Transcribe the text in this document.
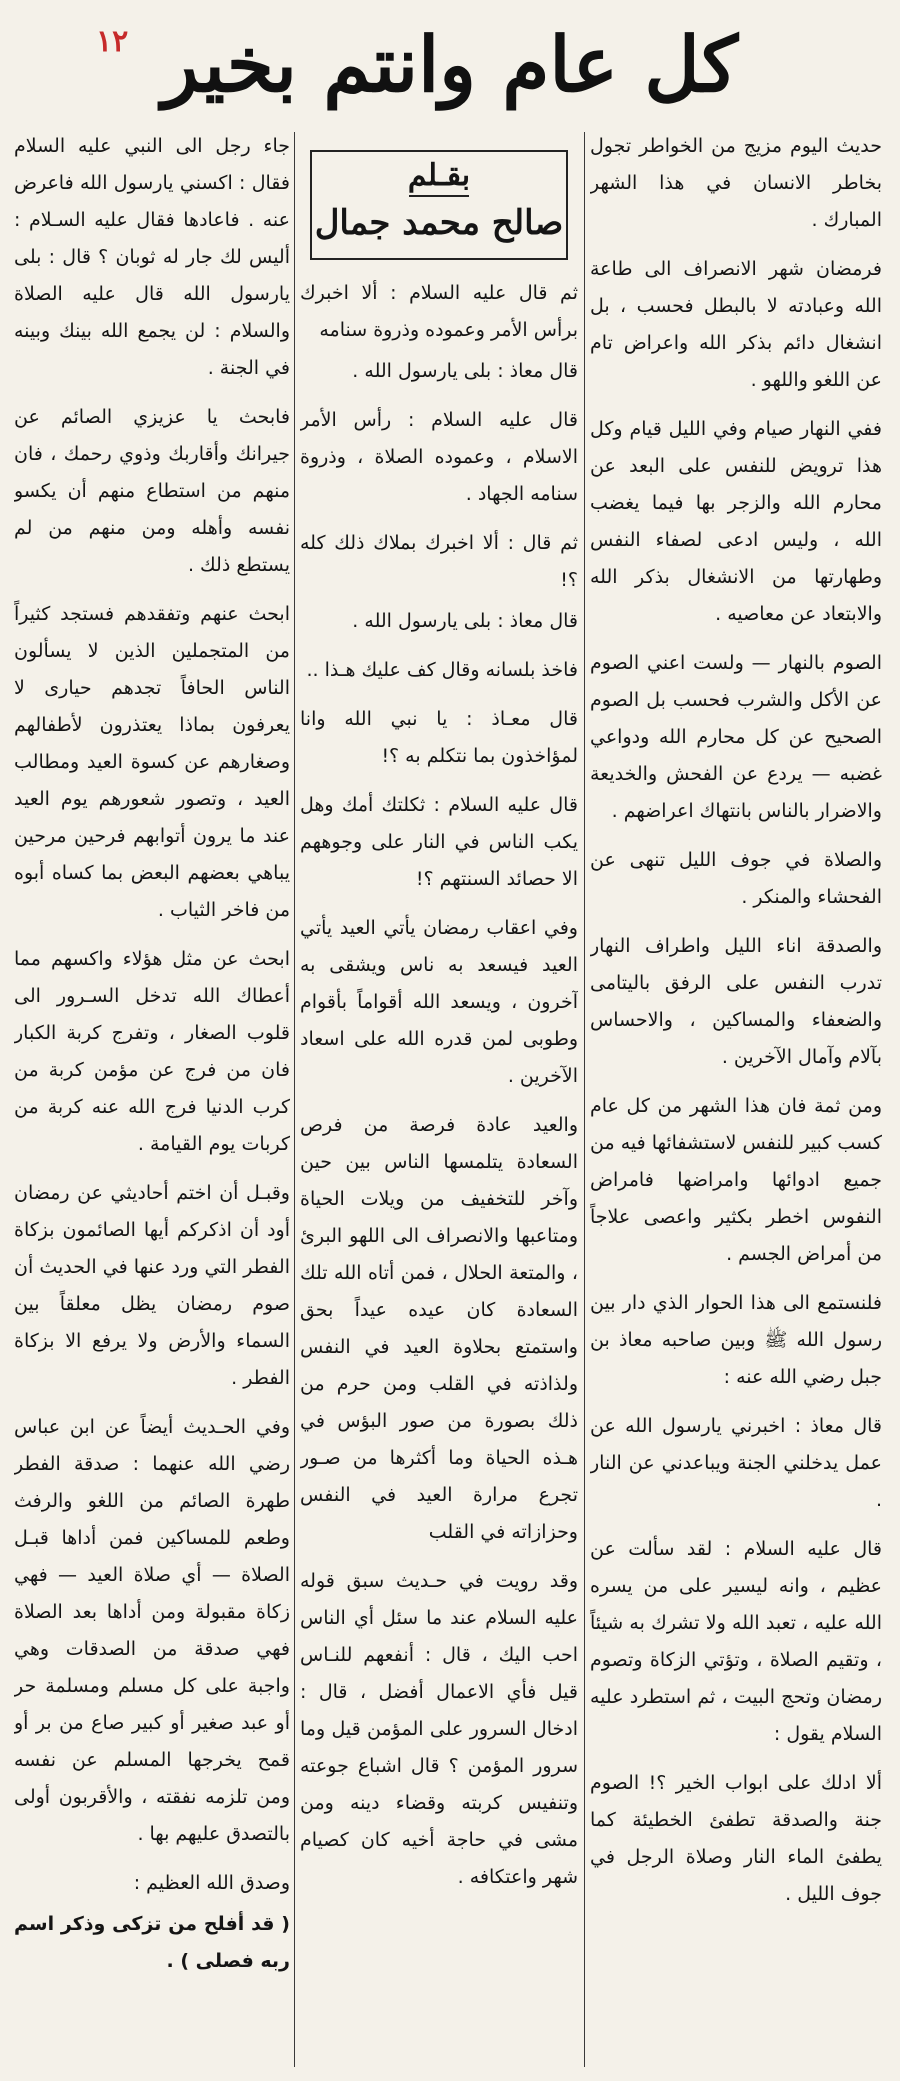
١٢ كل عام وانتم بخير

حديث اليوم مزيج من الخواطر تجول بخاطر الانسان في هذا الشهر المبارك .

فرمضان شهر الانصراف الى طاعة الله وعبادته لا بالبطل فحسب ، بل انشغال دائم بذكر الله واعراض تام عن اللغو واللهو .

ففي النهار صيام وفي الليل قيام وكل هذا ترويض للنفس على البعد عن محارم الله والزجر بها فيما يغضب الله ، وليس ادعى لصفاء النفس وطهارتها من الانشغال بذكر الله والابتعاد عن معاصيه .

الصوم بالنهار — ولست اعني الصوم عن الأكل والشرب فحسب بل الصوم الصحيح عن كل محارم الله ودواعي غضبه — يردع عن الفحش والخديعة والاضرار بالناس بانتهاك اعراضهم .

والصلاة في جوف الليل تنهى عن الفحشاء والمنكر .

والصدقة اناء الليل واطراف النهار تدرب النفس على الرفق باليتامى والضعفاء والمساكين ، والاحساس بآلام وآمال الآخرين .

ومن ثمة فان هذا الشهر من كل عام كسب كبير للنفس لاستشفائها فيه من جميع ادوائها وامراضها فامراض النفوس اخطر بكثير واعصى علاجاً من أمراض الجسم .

فلنستمع الى هذا الحوار الذي دار بين رسول الله ﷺ وبين صاحبه معاذ بن جبل رضي الله عنه :

قال معاذ : اخبرني يارسول الله عن عمل يدخلني الجنة ويباعدني عن النار .

قال عليه السلام : لقد سألت عن عظيم ، وانه ليسير على من يسره الله عليه ، تعبد الله ولا تشرك به شيئاً ، وتقيم الصلاة ، وتؤتي الزكاة وتصوم رمضان وتحج البيت ، ثم استطرد عليه السلام يقول :

ألا ادلك على ابواب الخير ؟! الصوم جنة والصدقة تطفئ الخطيئة كما يطفئ الماء النار وصلاة الرجل في جوف الليل .

ثم قال عليه السلام : ألا اخبرك برأس الأمر وعموده وذروة سنامه

قال معاذ : بلى يارسول الله .

قال عليه السلام : رأس الأمر الاسلام ، وعموده الصلاة ، وذروة سنامه الجهاد .

ثم قال : ألا اخبرك بملاك ذلك كله ؟!

قال معاذ : بلى يارسول الله .

فاخذ بلسانه وقال كف عليك هـذا ..

قال معـاذ : يا نبي الله وانا لمؤاخذون بما نتكلم به ؟!

قال عليه السلام : ثكلتك أمك وهل يكب الناس في النار على وجوههم الا حصائد السنتهم ؟!

وفي اعقاب رمضان يأتي العيد يأتي العيد فيسعد به ناس ويشقى به آخرون ، ويسعد الله أقواماً بأقوام وطوبى لمن قدره الله على اسعاد الآخرين .

والعيد عادة فرصة من فرص السعادة يتلمسها الناس بين حين وآخر للتخفيف من ويلات الحياة ومتاعبها والانصراف الى اللهو البرئ ، والمتعة الحلال ، فمن أتاه الله تلك السعادة كان عيده عيداً بحق واستمتع بحلاوة العيد في النفس ولذاذته في القلب ومن حرم من ذلك بصورة من صور البؤس في هـذه الحياة وما أكثرها من صـور تجرع مرارة العيد في النفس وحزازاته في القلب

وقد رويت في حـديث سبق قوله عليه السلام عند ما سئل أي الناس احب اليك ، قال : أنفعهم للنـاس قيل فأي الاعمال أفضل ، قال : ادخال السرور على المؤمن قيل وما سرور المؤمن ؟ قال اشباع جوعته وتنفيس كربته وقضاء دينه ومن مشى في حاجة أخيه كان كصيام شهر واعتكافه .

بقـلم
صالح محمد جمال

جاء رجل الى النبي عليه السلام فقال : اكسني يارسول الله فاعرض عنه . فاعادها فقال عليه السـلام : أليس لك جار له ثوبان ؟ قال : بلى يارسول الله قال عليه الصلاة والسلام : لن يجمع الله بينك وبينه في الجنة .

فابحث يا عزيزي الصائم عن جيرانك وأقاربك وذوي رحمك ، فان منهم من استطاع منهم أن يكسو نفسه وأهله ومن منهم من لم يستطع ذلك .

ابحث عنهم وتفقدهم فستجد كثيراً من المتجملين الذين لا يسألون الناس الحافاً تجدهم حيارى لا يعرفون بماذا يعتذرون لأطفالهم وصغارهم عن كسوة العيد ومطالب العيد ، وتصور شعورهم يوم العيد عند ما يرون أتوابهم فرحين مرحين يباهي بعضهم البعض بما كساه أبوه من فاخر الثياب .

ابحث عن مثل هؤلاء واكسهم مما أعطاك الله تدخل السـرور الى قلوب الصغار ، وتفرج كربة الكبار فان من فرج عن مؤمن كربة من كرب الدنيا فرج الله عنه كربة من كربات يوم القيامة .

وقبـل أن اختم أحاديثي عن رمضان أود أن اذكركم أيها الصائمون بزكاة الفطر التي ورد عنها في الحديث أن صوم رمضان يظل معلقاً بين السماء والأرض ولا يرفع الا بزكاة الفطر .

وفي الحـديث أيضاً عن ابن عباس رضي الله عنهما : صدقة الفطر طهرة الصائم من اللغو والرفث وطعم للمساكين فمن أداها قبـل الصلاة — أي صلاة العيد — فهي زكاة مقبولة ومن أداها بعد الصلاة فهي صدقة من الصدقات وهي واجبة على كل مسلم ومسلمة حر أو عبد صغير أو كبير صاع من بر أو قمح يخرجها المسلم عن نفسه ومن تلزمه نفقته ، والأقربون أولى بالتصدق عليهم بها .

وصدق الله العظيم :

( قد أفلح من تزكى وذكر اسم ربه فصلى ) .
